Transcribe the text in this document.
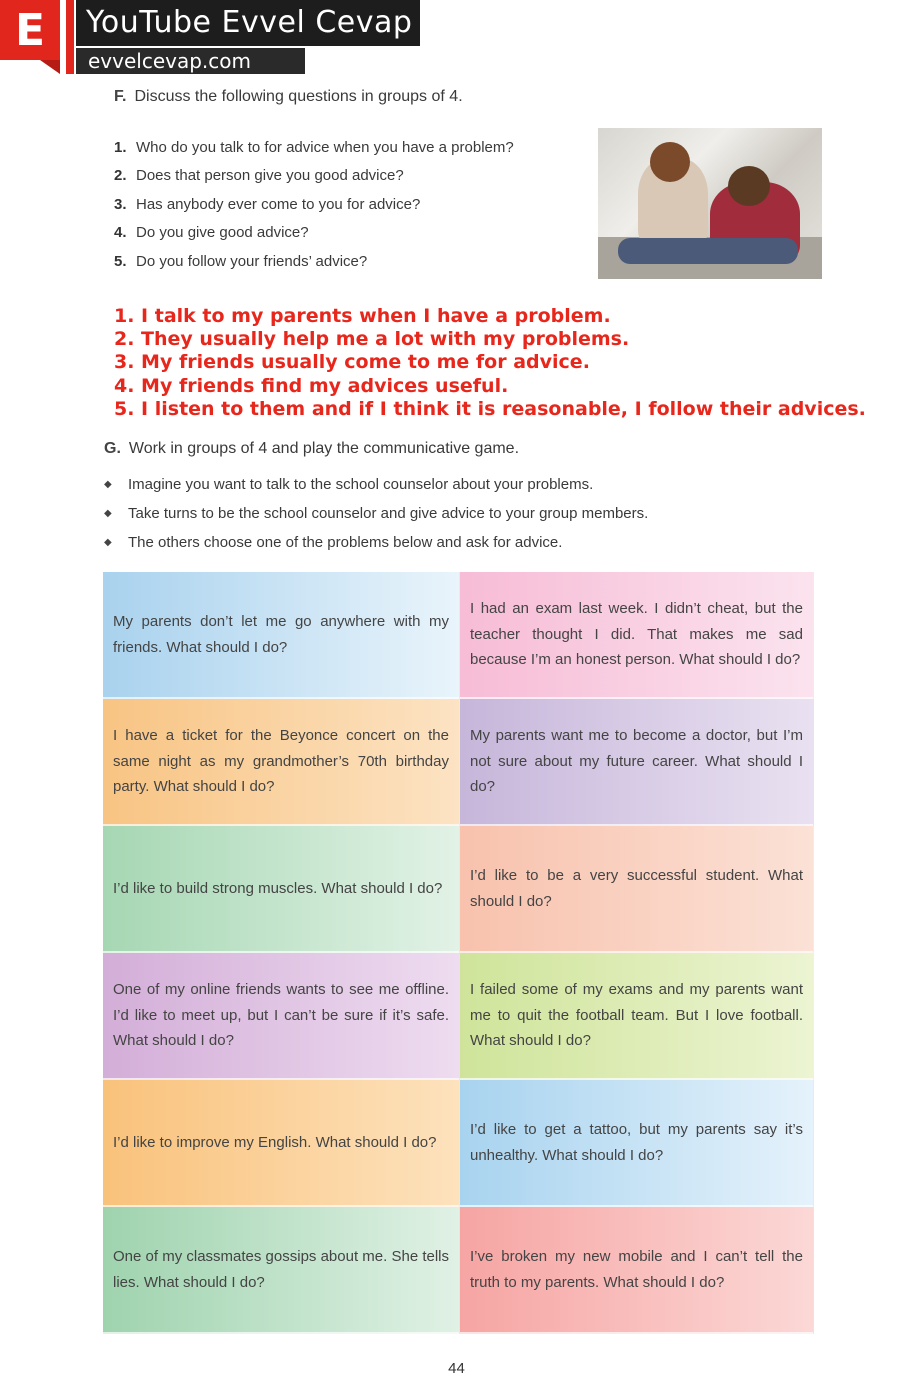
E	YouTube Evvel Cevap
evvelcevap.com
F. Discuss the following questions in groups of 4.
1. Who do you talk to for advice when you have a problem?
2. Does that person give you good advice?
3. Has anybody ever come to you for advice?
4. Do you give good advice?
5. Do you follow your friends’ advice?
1. I talk to my parents when I have a problem.
2. They usually help me a lot with my problems.
3. My friends usually come to me for advice.
4. My friends find my advices useful.
5. I listen to them and if I think it is reasonable, I follow their advices.
G. Work in groups of 4 and play the communicative game.
◆ Imagine you want to talk to the school counselor about your problems.
◆ Take turns to be the school counselor and give advice to your group members.
◆ The others choose one of the problems below and ask for advice.
My parents don’t let me go anywhere with my friends. What should I do?
I had an exam last week. I didn’t cheat, but the teacher thought I did. That makes me sad because I’m an honest person. What should I do?
I have a ticket for the Beyonce concert on the same night as my grandmother’s 70th birthday party. What should I do?
My parents want me to become a doctor, but I’m not sure about my future career. What should I do?
I’d like to build strong muscles. What should I do?
I’d like to be a very successful student. What should I do?
One of my online friends wants to see me offline. I’d like to meet up, but I can’t be sure if it’s safe. What should I do?
I failed some of my exams and my parents want me to quit the football team. But I love football. What should I do?
I’d like to improve my English. What should I do?
I’d like to get a tattoo, but my parents say it’s unhealthy. What should I do?
One of my classmates gossips about me. She tells lies. What should I do?
I’ve broken my new mobile and I can’t tell the truth to my parents. What should I do?
44
